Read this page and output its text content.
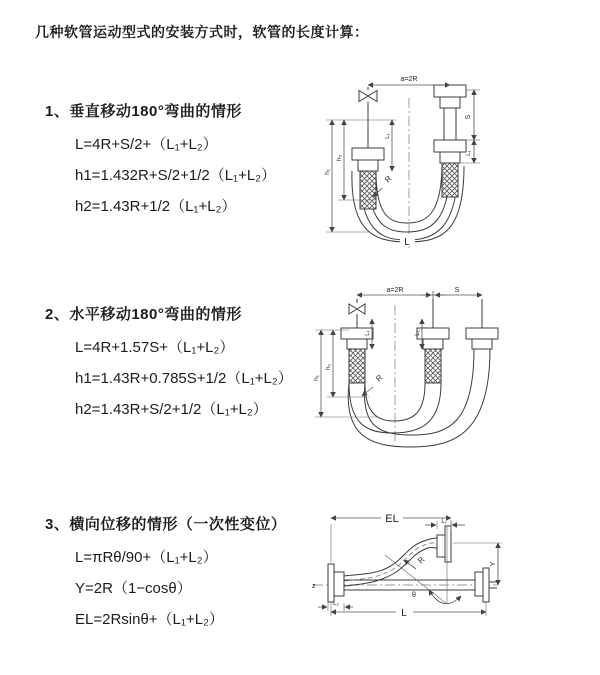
几种软管运动型式的安装方式时，软管的长度计算：
1、垂直移动180°弯曲的情形
L=4R+S/2+（L₁+L₂）
h1=1.432R+S/2+1/2（L₁+L₂）
h2=1.43R+1/2（L₁+L₂）
2、水平移动180°弯曲的情形
L=4R+1.57S+（L₁+L₂）
h1=1.43R+0.785S+1/2（L₁+L₂）
h2=1.43R+S/2+1/2（L₁+L₂）
3、横向位移的情形（一次性变位）
L=πRθ/90+（L₁+L₂）
Y=2R（1−cosθ）
EL=2Rsinθ+（L₁+L₂）
a=2R
S
L₁
L₁
h₁
h₂
R
L
a=2R	S
L₁	L₁
h₁
h₂
R
z
θ
R
EL	L₁
Y
L
L₂
